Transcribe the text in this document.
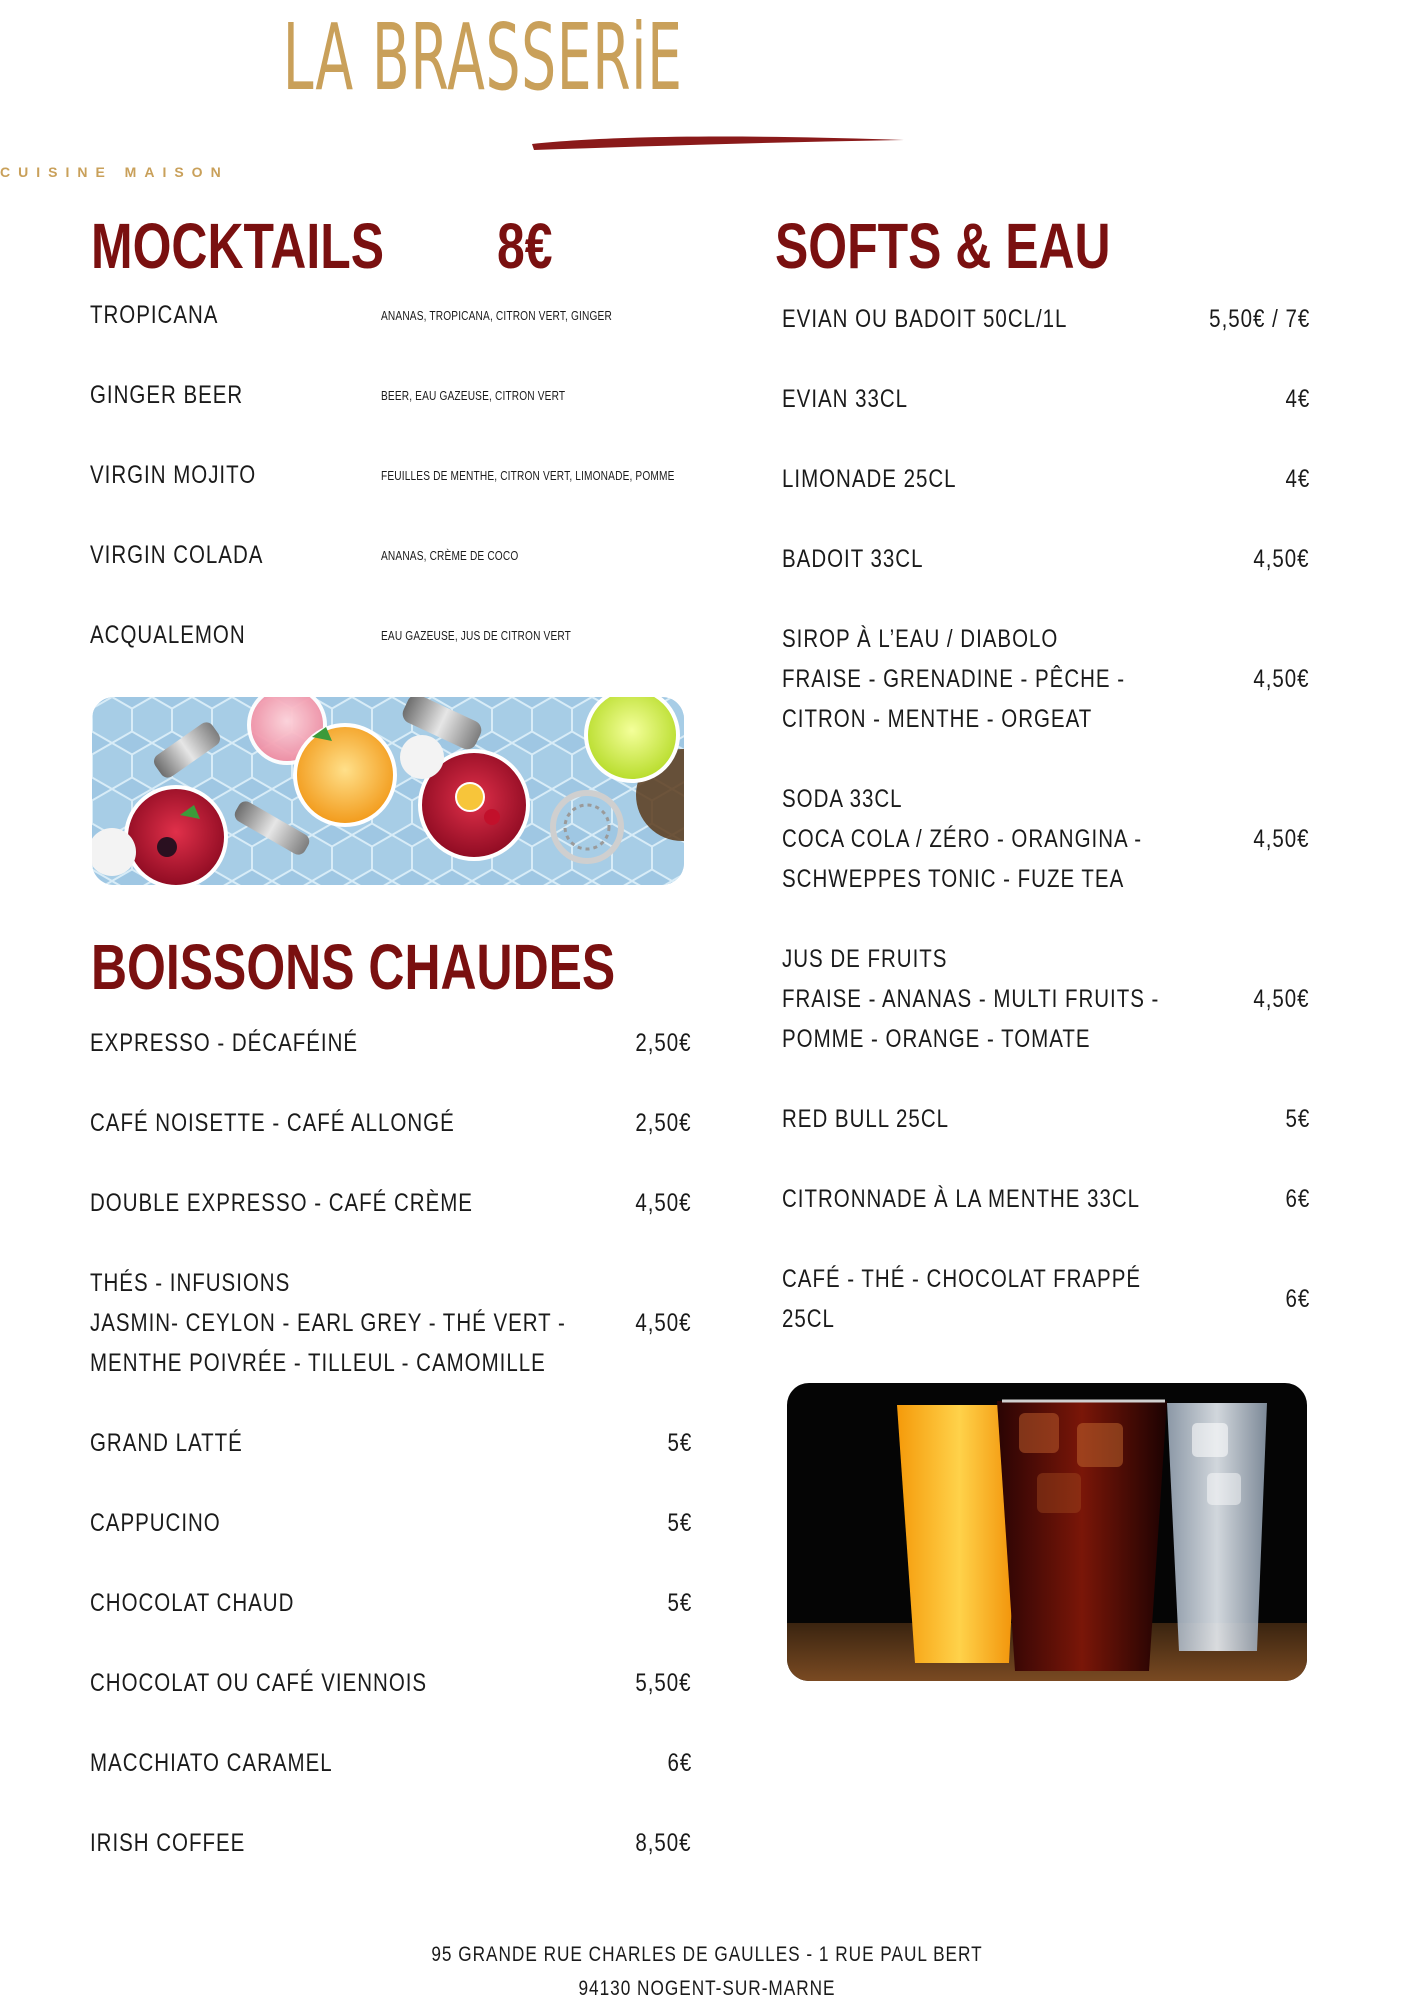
LA BRASSERiE
CUISINE MAISON
MOCKTAILS 8€
TROPICANA	ANANAS, TROPICANA, CITRON VERT, GINGER
GINGER BEER	BEER, EAU GAZEUSE, CITRON VERT
VIRGIN MOJITO	FEUILLES DE MENTHE, CITRON VERT, LIMONADE, POMME
VIRGIN COLADA	ANANAS, CRÈME DE COCO
ACQUALEMON	EAU GAZEUSE, JUS DE CITRON VERT
BOISSONS CHAUDES
EXPRESSO - DÉCAFÉINÉ	2,50€
CAFÉ NOISETTE - CAFÉ ALLONGÉ	2,50€
DOUBLE EXPRESSO - CAFÉ CRÈME	4,50€
THÉS - INFUSIONS
JASMIN- CEYLON - EARL GREY - THÉ VERT -
MENTHE POIVRÉE - TILLEUL - CAMOMILLE
4,50€
GRAND LATTÉ	5€
CAPPUCINO	5€
CHOCOLAT CHAUD	5€
CHOCOLAT OU CAFÉ VIENNOIS	5,50€
MACCHIATO CARAMEL	6€
IRISH COFFEE	8,50€
SOFTS & EAU
EVIAN OU BADOIT 50CL/1L	5,50€ / 7€
EVIAN 33CL	4€
LIMONADE 25CL	4€
BADOIT 33CL	4,50€
SIROP À L’EAU / DIABOLO
FRAISE - GRENADINE - PÊCHE -
CITRON - MENTHE - ORGEAT
4,50€
SODA 33CL
COCA COLA / ZÉRO - ORANGINA -
SCHWEPPES TONIC - FUZE TEA
4,50€
JUS DE FRUITS
FRAISE - ANANAS - MULTI FRUITS -
POMME - ORANGE - TOMATE
4,50€
RED BULL 25CL	5€
CITRONNADE À LA MENTHE 33CL	6€
CAFÉ - THÉ - CHOCOLAT FRAPPÉ
25CL
6€
95 GRANDE RUE CHARLES DE GAULLES - 1 RUE PAUL BERT
94130 NOGENT-SUR-MARNE
